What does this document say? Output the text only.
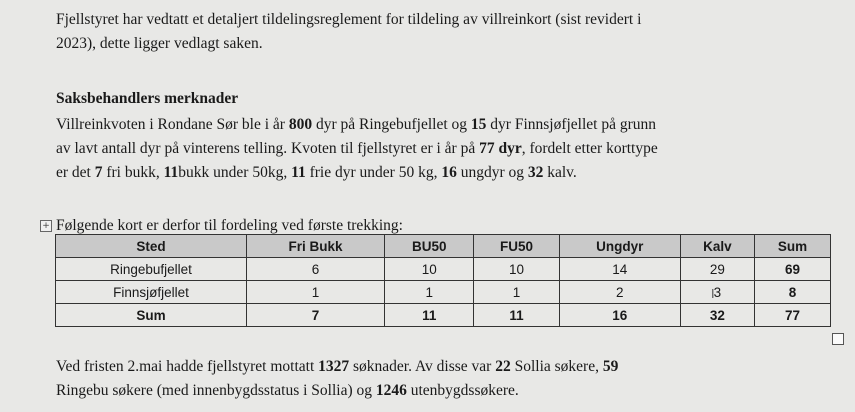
Fjellstyret har vedtatt et detaljert tildelingsreglement for tildeling av villreinkort (sist revidert i
2023), dette ligger vedlagt saken.
Saksbehandlers merknader
Villreinkvoten i Rondane Sør ble i år 800 dyr på Ringebufjellet og 15 dyr Finnsjøfjellet på grunn
av lavt antall dyr på vinterens telling. Kvoten til fjellstyret er i år på 77 dyr, fordelt etter korttype
er det 7 fri bukk, 11bukk under 50kg, 11 frie dyr under 50 kg, 16 ungdyr og 32 kalv.
+ Følgende kort er derfor til fordeling ved første trekking:
Sted	Fri Bukk	BU50	FU50	Ungdyr	Kalv	Sum
Ringebufjellet	6	10	10	14	29	69
Finnsjøfjellet	1	1	1	2	3	8
Sum	7	11	11	16	32	77
I
Ved fristen 2.mai hadde fjellstyret mottatt 1327 søknader. Av disse var 22 Sollia søkere, 59
Ringebu søkere (med innenbygdsstatus i Sollia) og 1246 utenbygdssøkere.
